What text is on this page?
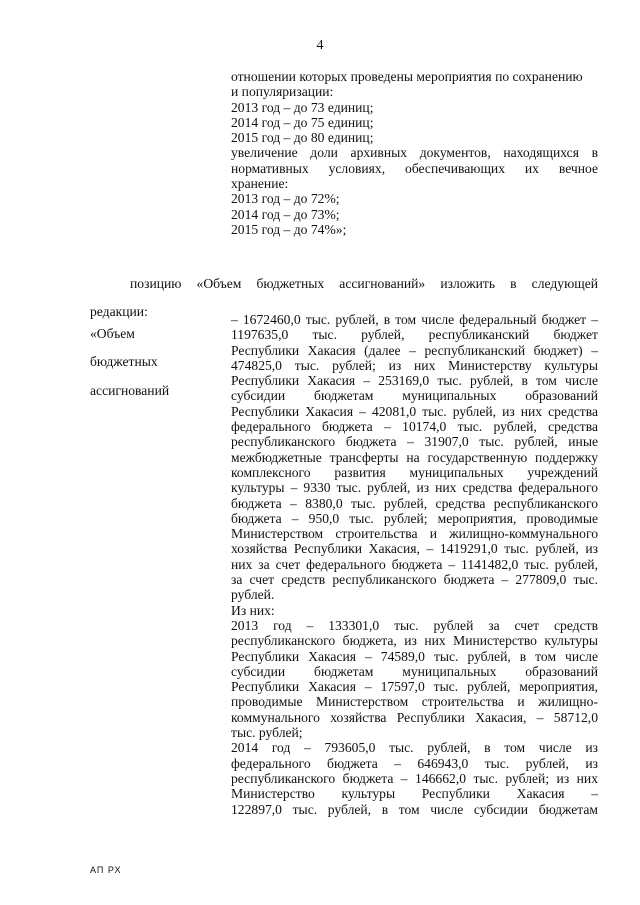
4

отношении которых проведены мероприятия по сохранению

и популяризации:

2013 год – до 73 единиц;

2014 год – до 75 единиц;

2015 год – до 80 единиц;

увеличение доли архивных документов, находящихся в

нормативных условиях, обеспечивающих их вечное

хранение:

2013 год – до 72%;

2014 год – до 73%;

2015 год – до 74%»;

позицию «Объем бюджетных ассигнований» изложить в следующей

редакции:

«Объем

бюджетных

ассигнований

– 1672460,0 тыс. рублей, в том числе федеральный бюджет –

1197635,0 тыс. рублей, республиканский бюджет

Республики Хакасия (далее – республиканский бюджет) –

474825,0 тыс. рублей; из них Министерству культуры

Республики Хакасия – 253169,0 тыс. рублей, в том числе

субсидии бюджетам муниципальных образований

Республики Хакасия – 42081,0 тыс. рублей, из них средства

федерального бюджета – 10174,0 тыс. рублей, средства

республиканского бюджета – 31907,0 тыс. рублей, иные

межбюджетные трансферты на государственную поддержку

комплексного развития муниципальных учреждений

культуры – 9330 тыс. рублей, из них средства федерального

бюджета – 8380,0 тыс. рублей, средства республиканского

бюджета – 950,0 тыс. рублей; мероприятия, проводимые

Министерством строительства и жилищно-коммунального

хозяйства Республики Хакасия, – 1419291,0 тыс. рублей, из

них за счет федерального бюджета – 1141482,0 тыс. рублей,

за счет средств республиканского бюджета – 277809,0 тыс.

рублей.

Из них:

2013 год – 133301,0 тыс. рублей за счет средств

республиканского бюджета, из них Министерство культуры

Республики Хакасия – 74589,0 тыс. рублей, в том числе

субсидии бюджетам муниципальных образований

Республики Хакасия – 17597,0 тыс. рублей, мероприятия,

проводимые Министерством строительства и жилищно-

коммунального хозяйства Республики Хакасия, – 58712,0

тыс. рублей;

2014 год – 793605,0 тыс. рублей, в том числе из

федерального бюджета – 646943,0 тыс. рублей, из

республиканского бюджета – 146662,0 тыс. рублей; из них

Министерство культуры Республики Хакасия –

122897,0 тыс. рублей, в том числе субсидии бюджетам

АП РХ
